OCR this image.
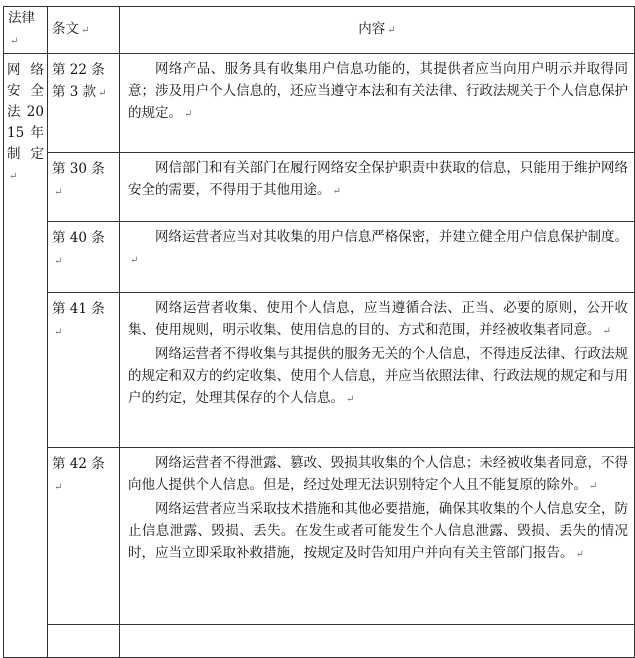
法律↵	条文 ↵	内容 ↵
网 络 安 全 法 2015 年 制 定↵	第 22 条第 3 款 ↵	网络产品、服务具有收集用户信息功能的，其提供者应当向用户明示并取得同意；涉及用户个人信息的，还应当遵守本法和有关法律、行政法规关于个人信息保护的规定。 ↵

	第 30 条↵	网信部门和有关部门在履行网络安全保护职责中获取的信息，只能用于维护网络安全的需要，不得用于其他用途。 ↵

	第 40 条↵	网络运营者应当对其收集的用户信息严格保密，并建立健全用户信息保护制度。↵

	第 41 条↵	网络运营者收集、使用个人信息，应当遵循合法、正当、必要的原则，公开收集、使用规则，明示收集、使用信息的目的、方式和范围，并经被收集者同意。 ↵

网络运营者不得收集与其提供的服务无关的个人信息，不得违反法律、行政法规的规定和双方的约定收集、使用个人信息，并应当依照法律、行政法规的规定和与用户的约定，处理其保存的个人信息。 ↵

	第 42 条↵	网络运营者不得泄露、篡改、毁损其收集的个人信息；未经被收集者同意，不得向他人提供个人信息。但是，经过处理无法识别特定个人且不能复原的除外。 ↵

网络运营者应当采取技术措施和其他必要措施，确保其收集的个人信息安全，防止信息泄露、毁损、丢失。在发生或者可能发生个人信息泄露、毁损、丢失的情况时，应当立即采取补救措施，按规定及时告知用户并向有关主管部门报告。 ↵
